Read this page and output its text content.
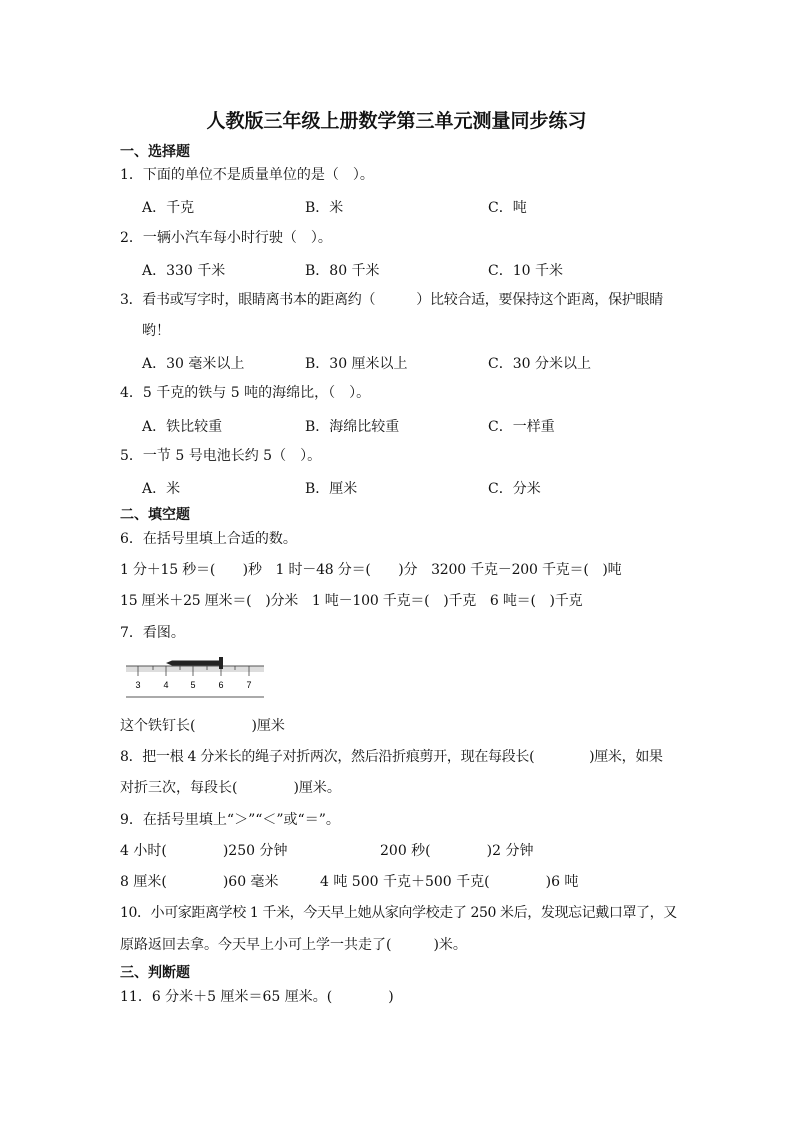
人教版三年级上册数学第三单元测量同步练习
一、选择题
1．下面的单位不是质量单位的是（　）。
A．千克	B．米	C．吨
2．一辆小汽车每小时行驶（　）。
A．330 千米	B．80 千米	C．10 千米
3．看书或写字时，眼睛离书本的距离约（　　　）比较合适，要保持这个距离，保护眼睛
哟！
A．30 毫米以上	B．30 厘米以上	C．30 分米以上
4．5 千克的铁与 5 吨的海绵比，（　）。
A．铁比较重	B．海绵比较重	C．一样重
5．一节 5 号电池长约 5（　）。
A．米	B．厘米	C．分米
二、填空题
6．在括号里填上合适的数。
1 分＋15 秒＝(　　)秒　1 时－48 分＝(　　)分　3200 千克－200 千克＝(　)吨
15 厘米＋25 厘米＝(　)分米　1 吨－100 千克＝(　)千克　6 吨＝(　)千克
7．看图。
3	4 5	6	7
这个铁钉长(　　　　)厘米
8．把一根 4 分米长的绳子对折两次，然后沿折痕剪开，现在每段长(　　　　)厘米，如果
对折三次，每段长(　　　　)厘米。
9．在括号里填上“＞”“＜”或“＝”。
4 小时(　　　　)250 分钟	200 秒(　　　　)2 分钟
8 厘米(　　　　)60 毫米	4 吨 500 千克＋500 千克(　　　　)6 吨
10．小可家距离学校 1 千米，今天早上她从家向学校走了 250 米后，发现忘记戴口罩了，又
原路返回去拿。今天早上小可上学一共走了(　　　)米。
三、判断题
11．6 分米＋5 厘米＝65 厘米。(　　　　)
